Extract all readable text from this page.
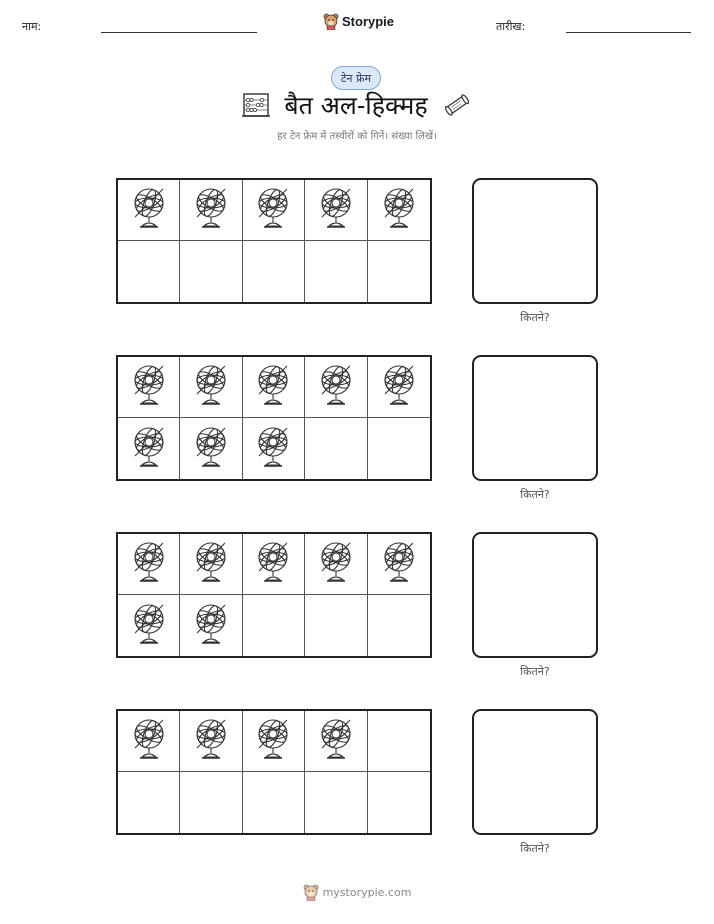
नाम:	Storypie	तारीख:
टेन फ्रेम
बैत अल-हिक्मह
हर टेन फ्रेम में तस्वीरों को गिनें। संख्या लिखें।
कितने?
कितने?
कितने?
कितने?
mystorypie.com
